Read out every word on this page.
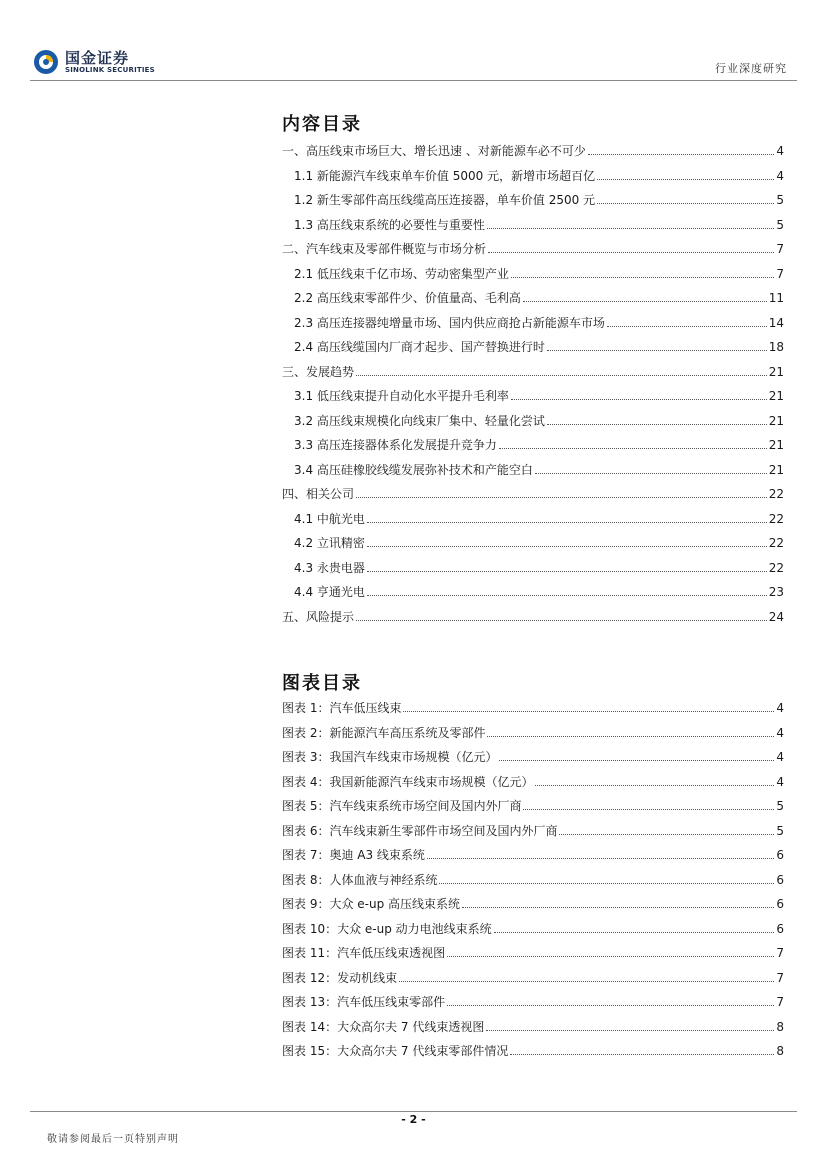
国金证券
SINOLINK SECURITIES	行业深度研究
内容目录
一、高压线束市场巨大、增长迅速 、对新能源车必不可少	4
1.1 新能源汽车线束单车价值 5000 元，新增市场超百亿	4
1.2 新生零部件高压线缆高压连接器，单车价值 2500 元	5
1.3 高压线束系统的必要性与重要性	5
二、汽车线束及零部件概览与市场分析	7
2.1 低压线束千亿市场、劳动密集型产业	7
2.2 高压线束零部件少、价值量高、毛利高	11
2.3 高压连接器纯增量市场、国内供应商抢占新能源车市场	14
2.4 高压线缆国内厂商才起步、国产替换进行时	18
三、发展趋势	21
3.1 低压线束提升自动化水平提升毛利率	21
3.2 高压线束规模化向线束厂集中、轻量化尝试	21
3.3 高压连接器体系化发展提升竞争力	21
3.4 高压硅橡胶线缆发展弥补技术和产能空白	21
四、相关公司	22
4.1 中航光电	22
4.2 立讯精密	22
4.3 永贵电器	22
4.4 亨通光电	23
五、风险提示	24
图表目录
图表 1：汽车低压线束	4
图表 2：新能源汽车高压系统及零部件	4
图表 3：我国汽车线束市场规模（亿元）	4
图表 4：我国新能源汽车线束市场规模（亿元）	4
图表 5：汽车线束系统市场空间及国内外厂商	5
图表 6：汽车线束新生零部件市场空间及国内外厂商	5
图表 7：奥迪 A3 线束系统	6
图表 8：人体血液与神经系统	6
图表 9：大众 e-up 高压线束系统	6
图表 10：大众 e-up 动力电池线束系统	6
图表 11：汽车低压线束透视图	7
图表 12：发动机线束	7
图表 13：汽车低压线束零部件	7
图表 14：大众高尔夫 7 代线束透视图	8
图表 15：大众高尔夫 7 代线束零部件情况	8
- 2 -
敬请参阅最后一页特别声明
